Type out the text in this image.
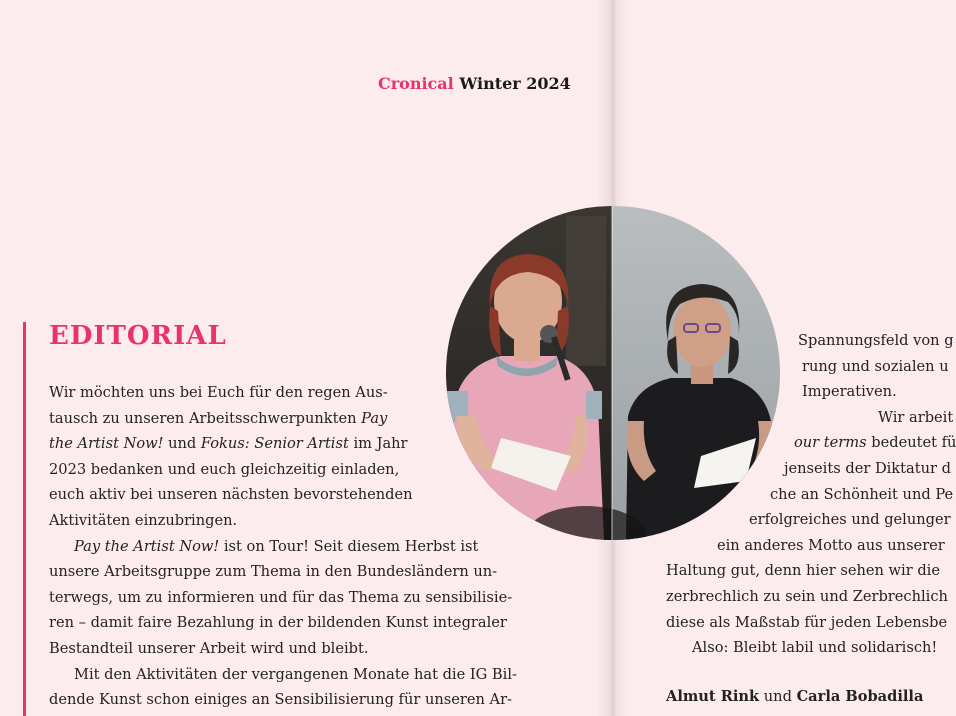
Cronical Winter 2024
EDITORIAL
Wir möchten uns bei Euch für den regen Aus-
tausch zu unseren Arbeitsschwerpunkten Pay
the Artist Now! und Fokus: Senior Artist im Jahr
2023 bedanken und euch gleichzeitig einladen,
euch aktiv bei unseren nächsten bevorstehenden
Aktivitäten einzubringen.
Pay the Artist Now! ist on Tour! Seit diesem Herbst ist
unsere Arbeitsgruppe zum Thema in den Bundesländern un-
terwegs, um zu informieren und für das Thema zu sensibilisie-
ren – damit faire Bezahlung in der bildenden Kunst integraler
Bestandteil unserer Arbeit wird und bleibt.
Mit den Aktivitäten der vergangenen Monate hat die IG Bil-
dende Kunst schon einiges an Sensibilisierung für unseren Ar-
Spannungsfeld von g
rung und sozialen u
Imperativen.
Wir arbeit
our terms bedeutet fü
jenseits der Diktatur d
che an Schönheit und Pe
erfolgreiches und gelunger
ein anderes Motto aus unserer
Haltung gut, denn hier sehen wir die
zerbrechlich zu sein und Zerbrechlich
diese als Maßstab für jeden Lebensbe
Also: Bleibt labil und solidarisch!
Almut Rink und Carla Bobadilla
